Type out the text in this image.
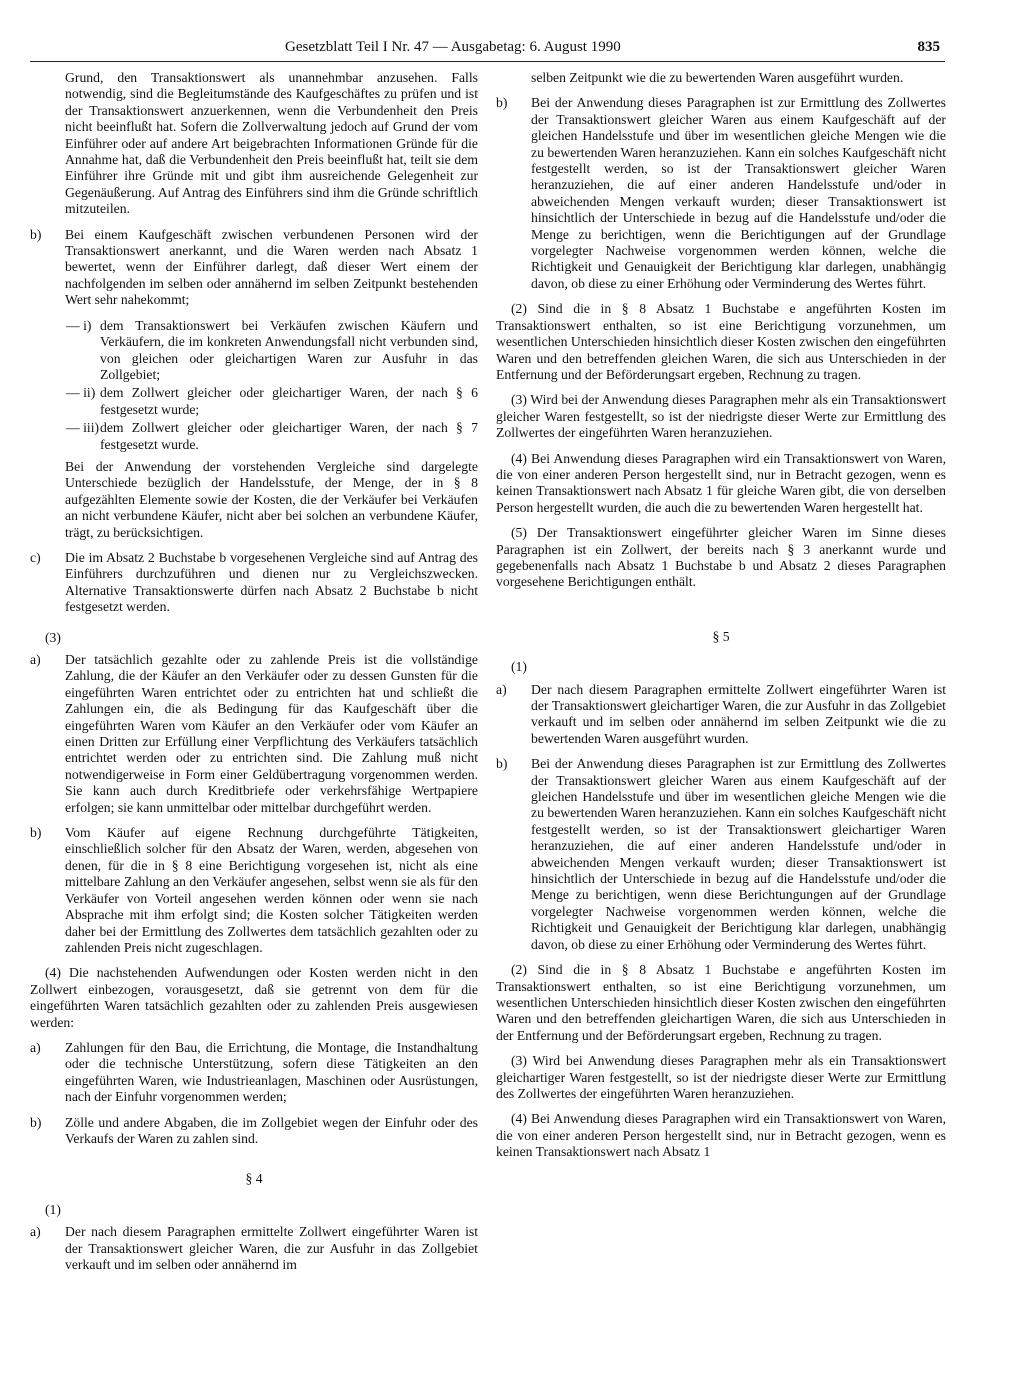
Gesetzblatt Teil I Nr. 47 — Ausgabetag: 6. August 1990	835
Grund, den Transaktionswert als unannehmbar anzusehen. Falls notwendig, sind die Begleitumstände des Kaufgeschäftes zu prüfen und ist der Transaktionswert anzuerkennen, wenn die Verbundenheit den Preis nicht beeinflußt hat. Sofern die Zollverwaltung jedoch auf Grund der vom Einführer oder auf andere Art beigebrachten Informationen Gründe für die Annahme hat, daß die Verbundenheit den Preis beeinflußt hat, teilt sie dem Einführer ihre Gründe mit und gibt ihm ausreichende Gelegenheit zur Gegenäußerung. Auf Antrag des Einführers sind ihm die Gründe schriftlich mitzuteilen.
b) Bei einem Kaufgeschäft zwischen verbundenen Personen wird der Transaktionswert anerkannt, und die Waren werden nach Absatz 1 bewertet, wenn der Einführer darlegt, daß dieser Wert einem der nachfolgenden im selben oder annähernd im selben Zeitpunkt bestehenden Wert sehr nahekommt;
— i) dem Transaktionswert bei Verkäufen zwischen Käufern und Verkäufern, die im konkreten Anwendungsfall nicht verbunden sind, von gleichen oder gleichartigen Waren zur Ausfuhr in das Zollgebiet;
— ii) dem Zollwert gleicher oder gleichartiger Waren, der nach § 6 festgesetzt wurde;
— iii) dem Zollwert gleicher oder gleichartiger Waren, der nach § 7 festgesetzt wurde.
Bei der Anwendung der vorstehenden Vergleiche sind dargelegte Unterschiede bezüglich der Handelsstufe, der Menge, der in § 8 aufgezählten Elemente sowie der Kosten, die der Verkäufer bei Verkäufen an nicht verbundene Käufer, nicht aber bei solchen an verbundene Käufer, trägt, zu berücksichtigen.
c) Die im Absatz 2 Buchstabe b vorgesehenen Vergleiche sind auf Antrag des Einführers durchzuführen und dienen nur zu Vergleichszwecken. Alternative Transaktionswerte dürfen nach Absatz 2 Buchstabe b nicht festgesetzt werden.
(3)
a) Der tatsächlich gezahlte oder zu zahlende Preis ist die vollständige Zahlung, die der Käufer an den Verkäufer oder zu dessen Gunsten für die eingeführten Waren entrichtet oder zu entrichten hat und schließt die Zahlungen ein, die als Bedingung für das Kaufgeschäft über die eingeführten Waren vom Käufer an den Verkäufer oder vom Käufer an einen Dritten zur Erfüllung einer Verpflichtung des Verkäufers tatsächlich entrichtet werden oder zu entrichten sind. Die Zahlung muß nicht notwendigerweise in Form einer Geldübertragung vorgenommen werden. Sie kann auch durch Kreditbriefe oder verkehrsfähige Wertpapiere erfolgen; sie kann unmittelbar oder mittelbar durchgeführt werden.
b) Vom Käufer auf eigene Rechnung durchgeführte Tätigkeiten, einschließlich solcher für den Absatz der Waren, werden, abgesehen von denen, für die in § 8 eine Berichtigung vorgesehen ist, nicht als eine mittelbare Zahlung an den Verkäufer angesehen, selbst wenn sie als für den Verkäufer von Vorteil angesehen werden können oder wenn sie nach Absprache mit ihm erfolgt sind; die Kosten solcher Tätigkeiten werden daher bei der Ermittlung des Zollwertes dem tatsächlich gezahlten oder zu zahlenden Preis nicht zugeschlagen.
(4) Die nachstehenden Aufwendungen oder Kosten werden nicht in den Zollwert einbezogen, vorausgesetzt, daß sie getrennt von dem für die eingeführten Waren tatsächlich gezahlten oder zu zahlenden Preis ausgewiesen werden:
a) Zahlungen für den Bau, die Errichtung, die Montage, die Instandhaltung oder die technische Unterstützung, sofern diese Tätigkeiten an den eingeführten Waren, wie Industrieanlagen, Maschinen oder Ausrüstungen, nach der Einfuhr vorgenommen werden;
b) Zölle und andere Abgaben, die im Zollgebiet wegen der Einfuhr oder des Verkaufs der Waren zu zahlen sind.
§ 4
(1)
a) Der nach diesem Paragraphen ermittelte Zollwert eingeführter Waren ist der Transaktionswert gleicher Waren, die zur Ausfuhr in das Zollgebiet verkauft und im selben oder annähernd im
selben Zeitpunkt wie die zu bewertenden Waren ausgeführt wurden.
b) Bei der Anwendung dieses Paragraphen ist zur Ermittlung des Zollwertes der Transaktionswert gleicher Waren aus einem Kaufgeschäft auf der gleichen Handelsstufe und über im wesentlichen gleiche Mengen wie die zu bewertenden Waren heranzuziehen. Kann ein solches Kaufgeschäft nicht festgestellt werden, so ist der Transaktionswert gleicher Waren heranzuziehen, die auf einer anderen Handelsstufe und/oder in abweichenden Mengen verkauft wurden; dieser Transaktionswert ist hinsichtlich der Unterschiede in bezug auf die Handelsstufe und/oder die Menge zu berichtigen, wenn die Berichtigungen auf der Grundlage vorgelegter Nachweise vorgenommen werden können, welche die Richtigkeit und Genauigkeit der Berichtigung klar darlegen, unabhängig davon, ob diese zu einer Erhöhung oder Verminderung des Wertes führt.
(2) Sind die in § 8 Absatz 1 Buchstabe e angeführten Kosten im Transaktionswert enthalten, so ist eine Berichtigung vorzunehmen, um wesentlichen Unterschieden hinsichtlich dieser Kosten zwischen den eingeführten Waren und den betreffenden gleichen Waren, die sich aus Unterschieden in der Entfernung und der Beförderungsart ergeben, Rechnung zu tragen.
(3) Wird bei der Anwendung dieses Paragraphen mehr als ein Transaktionswert gleicher Waren festgestellt, so ist der niedrigste dieser Werte zur Ermittlung des Zollwertes der eingeführten Waren heranzuziehen.
(4) Bei Anwendung dieses Paragraphen wird ein Transaktionswert von Waren, die von einer anderen Person hergestellt sind, nur in Betracht gezogen, wenn es keinen Transaktionswert nach Absatz 1 für gleiche Waren gibt, die von derselben Person hergestellt wurden, die auch die zu bewertenden Waren hergestellt hat.
(5) Der Transaktionswert eingeführter gleicher Waren im Sinne dieses Paragraphen ist ein Zollwert, der bereits nach § 3 anerkannt wurde und gegebenenfalls nach Absatz 1 Buchstabe b und Absatz 2 dieses Paragraphen vorgesehene Berichtigungen enthält.
§ 5
(1)
a) Der nach diesem Paragraphen ermittelte Zollwert eingeführter Waren ist der Transaktionswert gleichartiger Waren, die zur Ausfuhr in das Zollgebiet verkauft und im selben oder annähernd im selben Zeitpunkt wie die zu bewertenden Waren ausgeführt wurden.
b) Bei der Anwendung dieses Paragraphen ist zur Ermittlung des Zollwertes der Transaktionswert gleicher Waren aus einem Kaufgeschäft auf der gleichen Handelsstufe und über im wesentlichen gleiche Mengen wie die zu bewertenden Waren heranzuziehen. Kann ein solches Kaufgeschäft nicht festgestellt werden, so ist der Transaktionswert gleichartiger Waren heranzuziehen, die auf einer anderen Handelsstufe und/oder in abweichenden Mengen verkauft wurden; dieser Transaktionswert ist hinsichtlich der Unterschiede in bezug auf die Handelsstufe und/oder die Menge zu berichtigen, wenn diese Berichtungungen auf der Grundlage vorgelegter Nachweise vorgenommen werden können, welche die Richtigkeit und Genauigkeit der Berichtigung klar darlegen, unabhängig davon, ob diese zu einer Erhöhung oder Verminderung des Wertes führt.
(2) Sind die in § 8 Absatz 1 Buchstabe e angeführten Kosten im Transaktionswert enthalten, so ist eine Berichtigung vorzunehmen, um wesentlichen Unterschieden hinsichtlich dieser Kosten zwischen den eingeführten Waren und den betreffenden gleichartigen Waren, die sich aus Unterschieden in der Entfernung und der Beförderungsart ergeben, Rechnung zu tragen.
(3) Wird bei Anwendung dieses Paragraphen mehr als ein Transaktionswert gleichartiger Waren festgestellt, so ist der niedrigste dieser Werte zur Ermittlung des Zollwertes der eingeführten Waren heranzuziehen.
(4) Bei Anwendung dieses Paragraphen wird ein Transaktionswert von Waren, die von einer anderen Person hergestellt sind, nur in Betracht gezogen, wenn es keinen Transaktionswert nach Absatz 1
